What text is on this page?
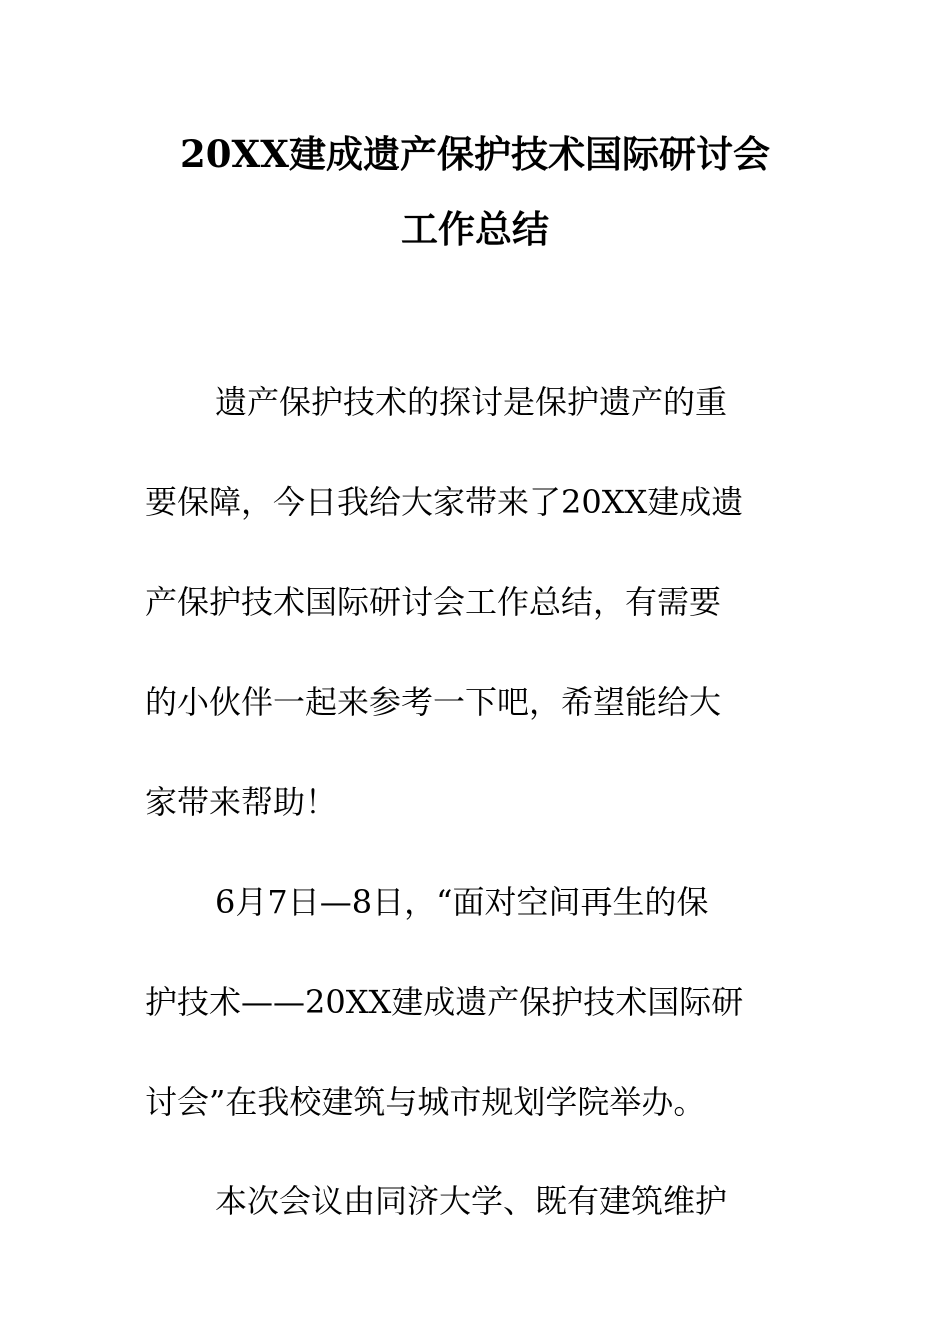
20XX建成遗产保护技术国际研讨会
工作总结
遗产保护技术的探讨是保护遗产的重
要保障，今日我给大家带来了20XX建成遗
产保护技术国际研讨会工作总结，有需要
的小伙伴一起来参考一下吧，希望能给大
家带来帮助！
6月7日—8日，“面对空间再生的保
护技术——20XX建成遗产保护技术国际研
讨会”在我校建筑与城市规划学院举办。
本次会议由同济大学、既有建筑维护
